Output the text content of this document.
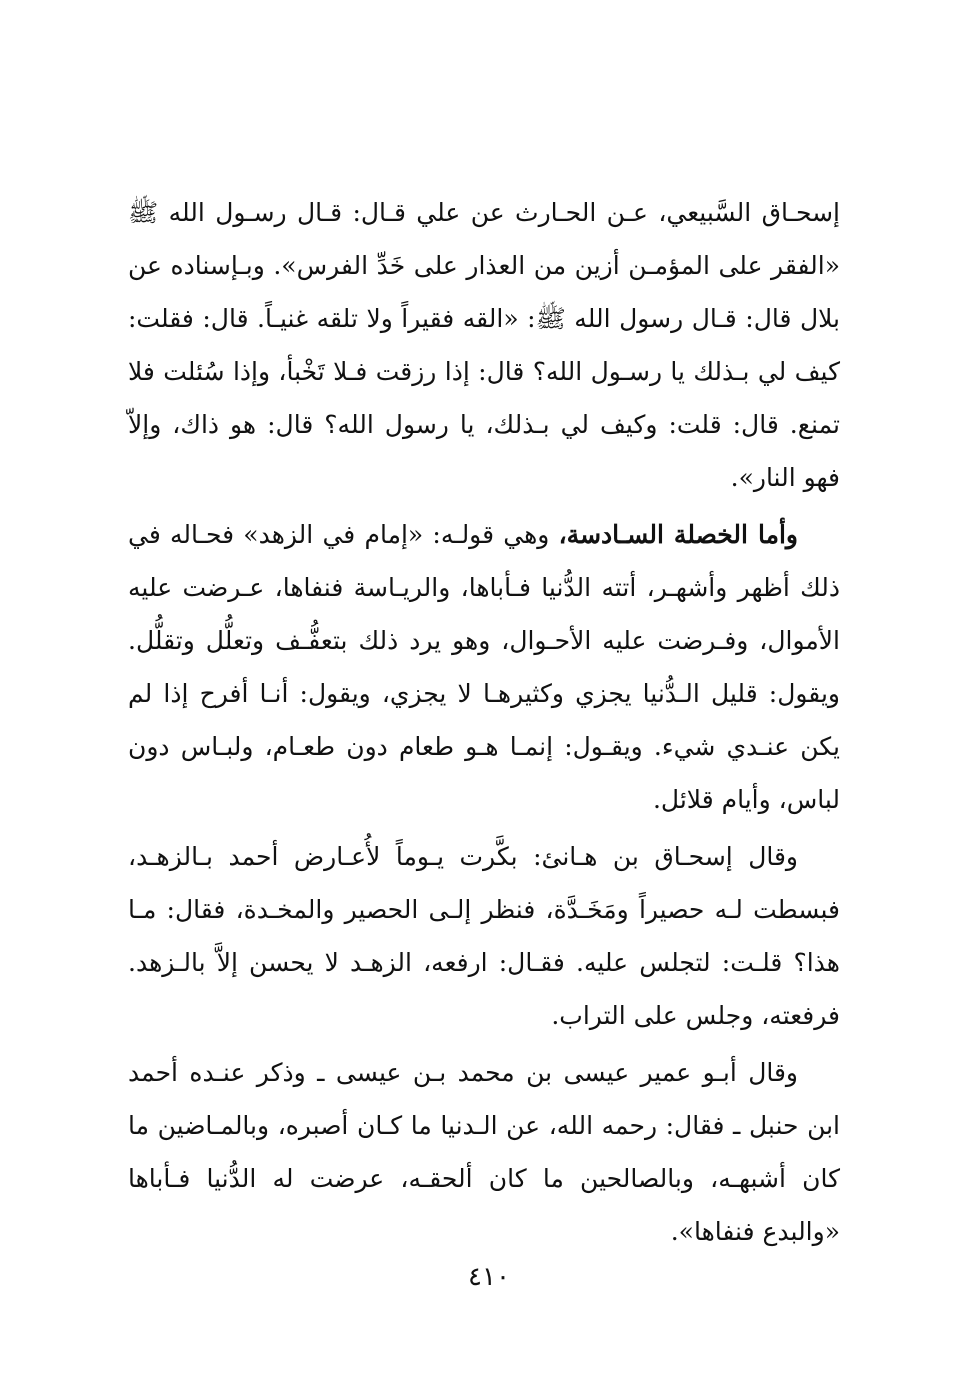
إسحـاق السَّبيعي، عـن الحـارث عن علي قـال: قـال رسـول الله ﷺ «الفقر على المؤمـن أزين من العذار على خَدِّ الفرس». وبـإسناده عن بلال قال: قـال رسول الله ﷺ: «القه فقيراً ولا تلقه غنيـاً. قال: فقلت: كيف لي بـذلك يا رسـول الله؟ قال: إذا رزقت فـلا تَخْبأ، وإذا سُئلت فلا تمنع. قال: قلت: وكيف لي بـذلك، يا رسول الله؟ قال: هو ذاك، وإلاّ فهو النار».

وأما الخصلة السـادسة، وهي قولـه: «إمام في الزهد» فحـاله في ذلك أظهر وأشهـر، أتته الدُّنيا فـأباها، والريـاسة فنفاها، عـرضت عليه الأموال، وفـرضت عليه الأحـوال، وهو يرد ذلك بتعفُّـف وتعلُّل وتقلُّل. ويقول: قليل الـدُّنيا يجزي وكثيرهـا لا يجزي، ويقول: أنـا أفرح إذا لم يكن عنـدي شيء. ويقـول: إنمـا هـو طعام دون طعـام، ولبـاس دون لباس، وأيام قلائل.

وقال إسحـاق بن هـانئ: بكَّرت يـوماً لأُعـارض أحمد بـالزهـد، فبسطت لـه حصيراً ومَخَـدَّة، فنظر إلـى الحصير والمخـدة، فقال: مـا هذا؟ قلـت: لتجلس عليه. فقـال: ارفعه، الزهـد لا يحسن إلاَّ بالـزهد. فرفعته، وجلس على التراب.

وقال أبـو عمير عيسى بن محمد بـن عيسى ـ وذكر عنـده أحمد ابن حنبل ـ فقال: رحمه الله، عن الـدنيا ما كـان أصبره، وبالمـاضين ما كان أشبهـه، وبالصالحين ما كان ألحقـه، عرضت له الدُّنيا فـأباها «والبدع فنفاها».

٤١٠
